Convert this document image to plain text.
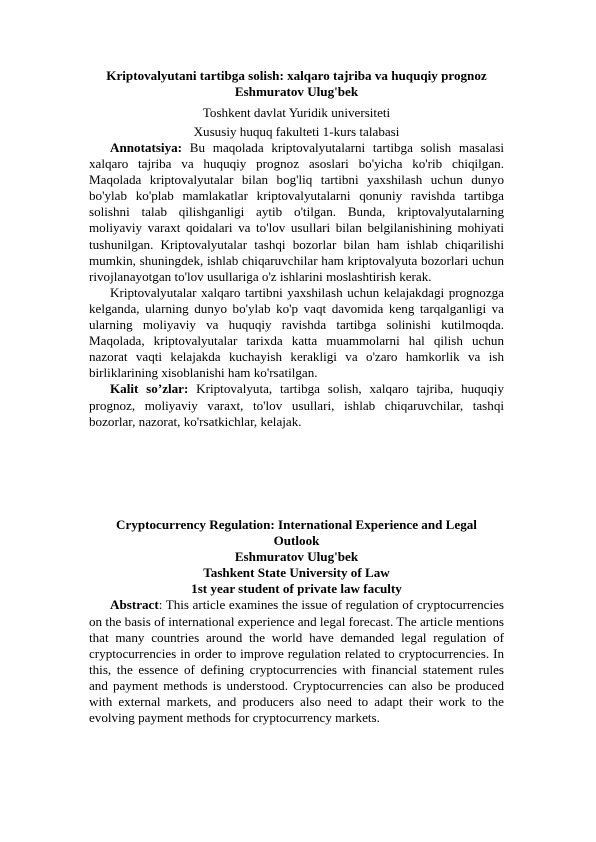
Kriptovalyutani tartibga solish: xalqaro tajriba va huquqiy prognoz

Eshmuratov Ulug'bek

Toshkent davlat Yuridik universiteti

Xususiy huquq fakulteti 1-kurs talabasi

Annotatsiya: Bu maqolada kriptovalyutalarni tartibga solish masalasi xalqaro tajriba va huquqiy prognoz asoslari bo'yicha ko'rib chiqilgan. Maqolada kriptovalyutalar bilan bog'liq tartibni yaxshilash uchun dunyo bo'ylab ko'plab mamlakatlar kriptovalyutalarni qonuniy ravishda tartibga solishni talab qilishganligi aytib o'tilgan. Bunda, kriptovalyutalarning moliyaviy varaxt qoidalari va to'lov usullari bilan belgilanishining mohiyati tushunilgan. Kriptovalyutalar tashqi bozorlar bilan ham ishlab chiqarilishi mumkin, shuningdek, ishlab chiqaruvchilar ham kriptovalyuta bozorlari uchun rivojlanayotgan to'lov usullariga o'z ishlarini moslashtirish kerak.

Kriptovalyutalar xalqaro tartibni yaxshilash uchun kelajakdagi prognozga kelganda, ularning dunyo bo'ylab ko'p vaqt davomida keng tarqalganligi va ularning moliyaviy va huquqiy ravishda tartibga solinishi kutilmoqda. Maqolada, kriptovalyutalar tarixda katta muammolarni hal qilish uchun nazorat vaqti kelajakda kuchayish kerakligi va o'zaro hamkorlik va ish birliklarining xisoblanishi ham ko'rsatilgan.

Kalit so’zlar: Kriptovalyuta, tartibga solish, xalqaro tajriba, huquqiy prognoz, moliyaviy varaxt, to'lov usullari, ishlab chiqaruvchilar, tashqi bozorlar, nazorat, ko'rsatkichlar, kelajak.

Cryptocurrency Regulation: International Experience and Legal Outlook

Eshmuratov Ulug'bek

Tashkent State University of Law

1st year student of private law faculty

Abstract: This article examines the issue of regulation of cryptocurrencies on the basis of international experience and legal forecast. The article mentions that many countries around the world have demanded legal regulation of cryptocurrencies in order to improve regulation related to cryptocurrencies. In this, the essence of defining cryptocurrencies with financial statement rules and payment methods is understood. Cryptocurrencies can also be produced with external markets, and producers also need to adapt their work to the evolving payment methods for cryptocurrency markets.
